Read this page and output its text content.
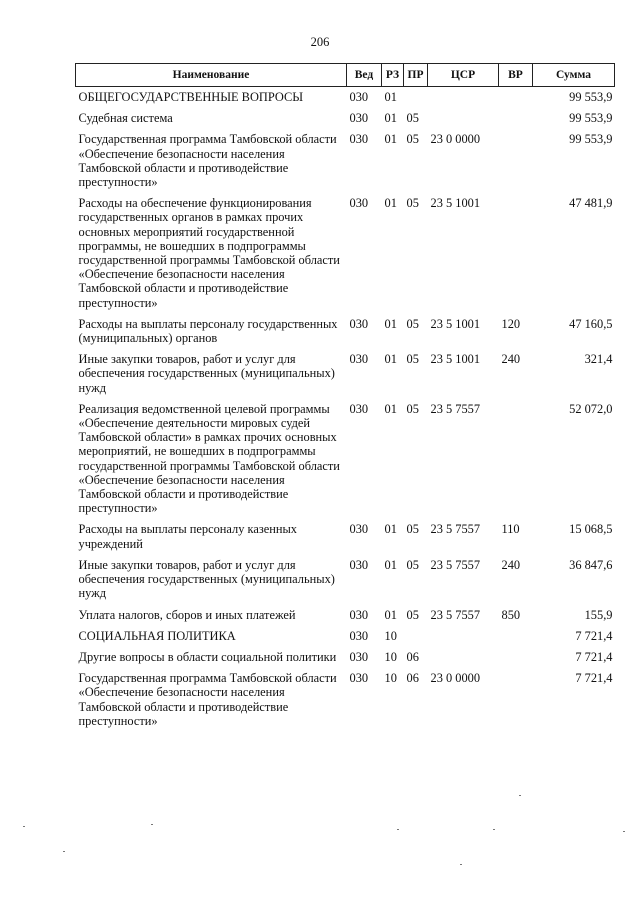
206
Наименование	Вед	РЗ	ПР	ЦСР	ВР	Сумма
ОБЩЕГОСУДАРСТВЕННЫЕ ВОПРОСЫ	030	01				99 553,9
Судебная система	030	01	05			99 553,9
Государственная программа Тамбовской области «Обеспечение безопасности населения Тамбовской области и противодействие преступности»	030	01	05	23 0 0000		99 553,9
Расходы на обеспечение функционирования государственных органов в рамках прочих основных мероприятий государственной программы, не вошедших в подпрограммы государственной программы Тамбовской области «Обеспечение безопасности населения Тамбовской области и противодействие преступности»	030	01	05	23 5 1001		47 481,9
Расходы на выплаты персоналу государственных (муниципальных) органов	030	01	05	23 5 1001	120	47 160,5
Иные закупки товаров, работ и услуг для обеспечения государственных (муниципальных) нужд	030	01	05	23 5 1001	240	321,4
Реализация ведомственной целевой программы «Обеспечение деятельности мировых судей Тамбовской области» в рамках прочих основных мероприятий, не вошедших в подпрограммы государственной программы Тамбовской области «Обеспечение безопасности населения Тамбовской области и противодействие преступности»	030	01	05	23 5 7557		52 072,0
Расходы на выплаты персоналу казенных учреждений	030	01	05	23 5 7557	110	15 068,5
Иные закупки товаров, работ и услуг для обеспечения государственных (муниципальных) нужд	030	01	05	23 5 7557	240	36 847,6
Уплата налогов, сборов и иных платежей	030	01	05	23 5 7557	850	155,9
СОЦИАЛЬНАЯ ПОЛИТИКА	030	10				7 721,4
Другие вопросы в области социальной политики	030	10	06			7 721,4
Государственная программа Тамбовской области «Обеспечение безопасности населения Тамбовской области и противодействие преступности»	030	10	06	23 0 0000		7 721,4
